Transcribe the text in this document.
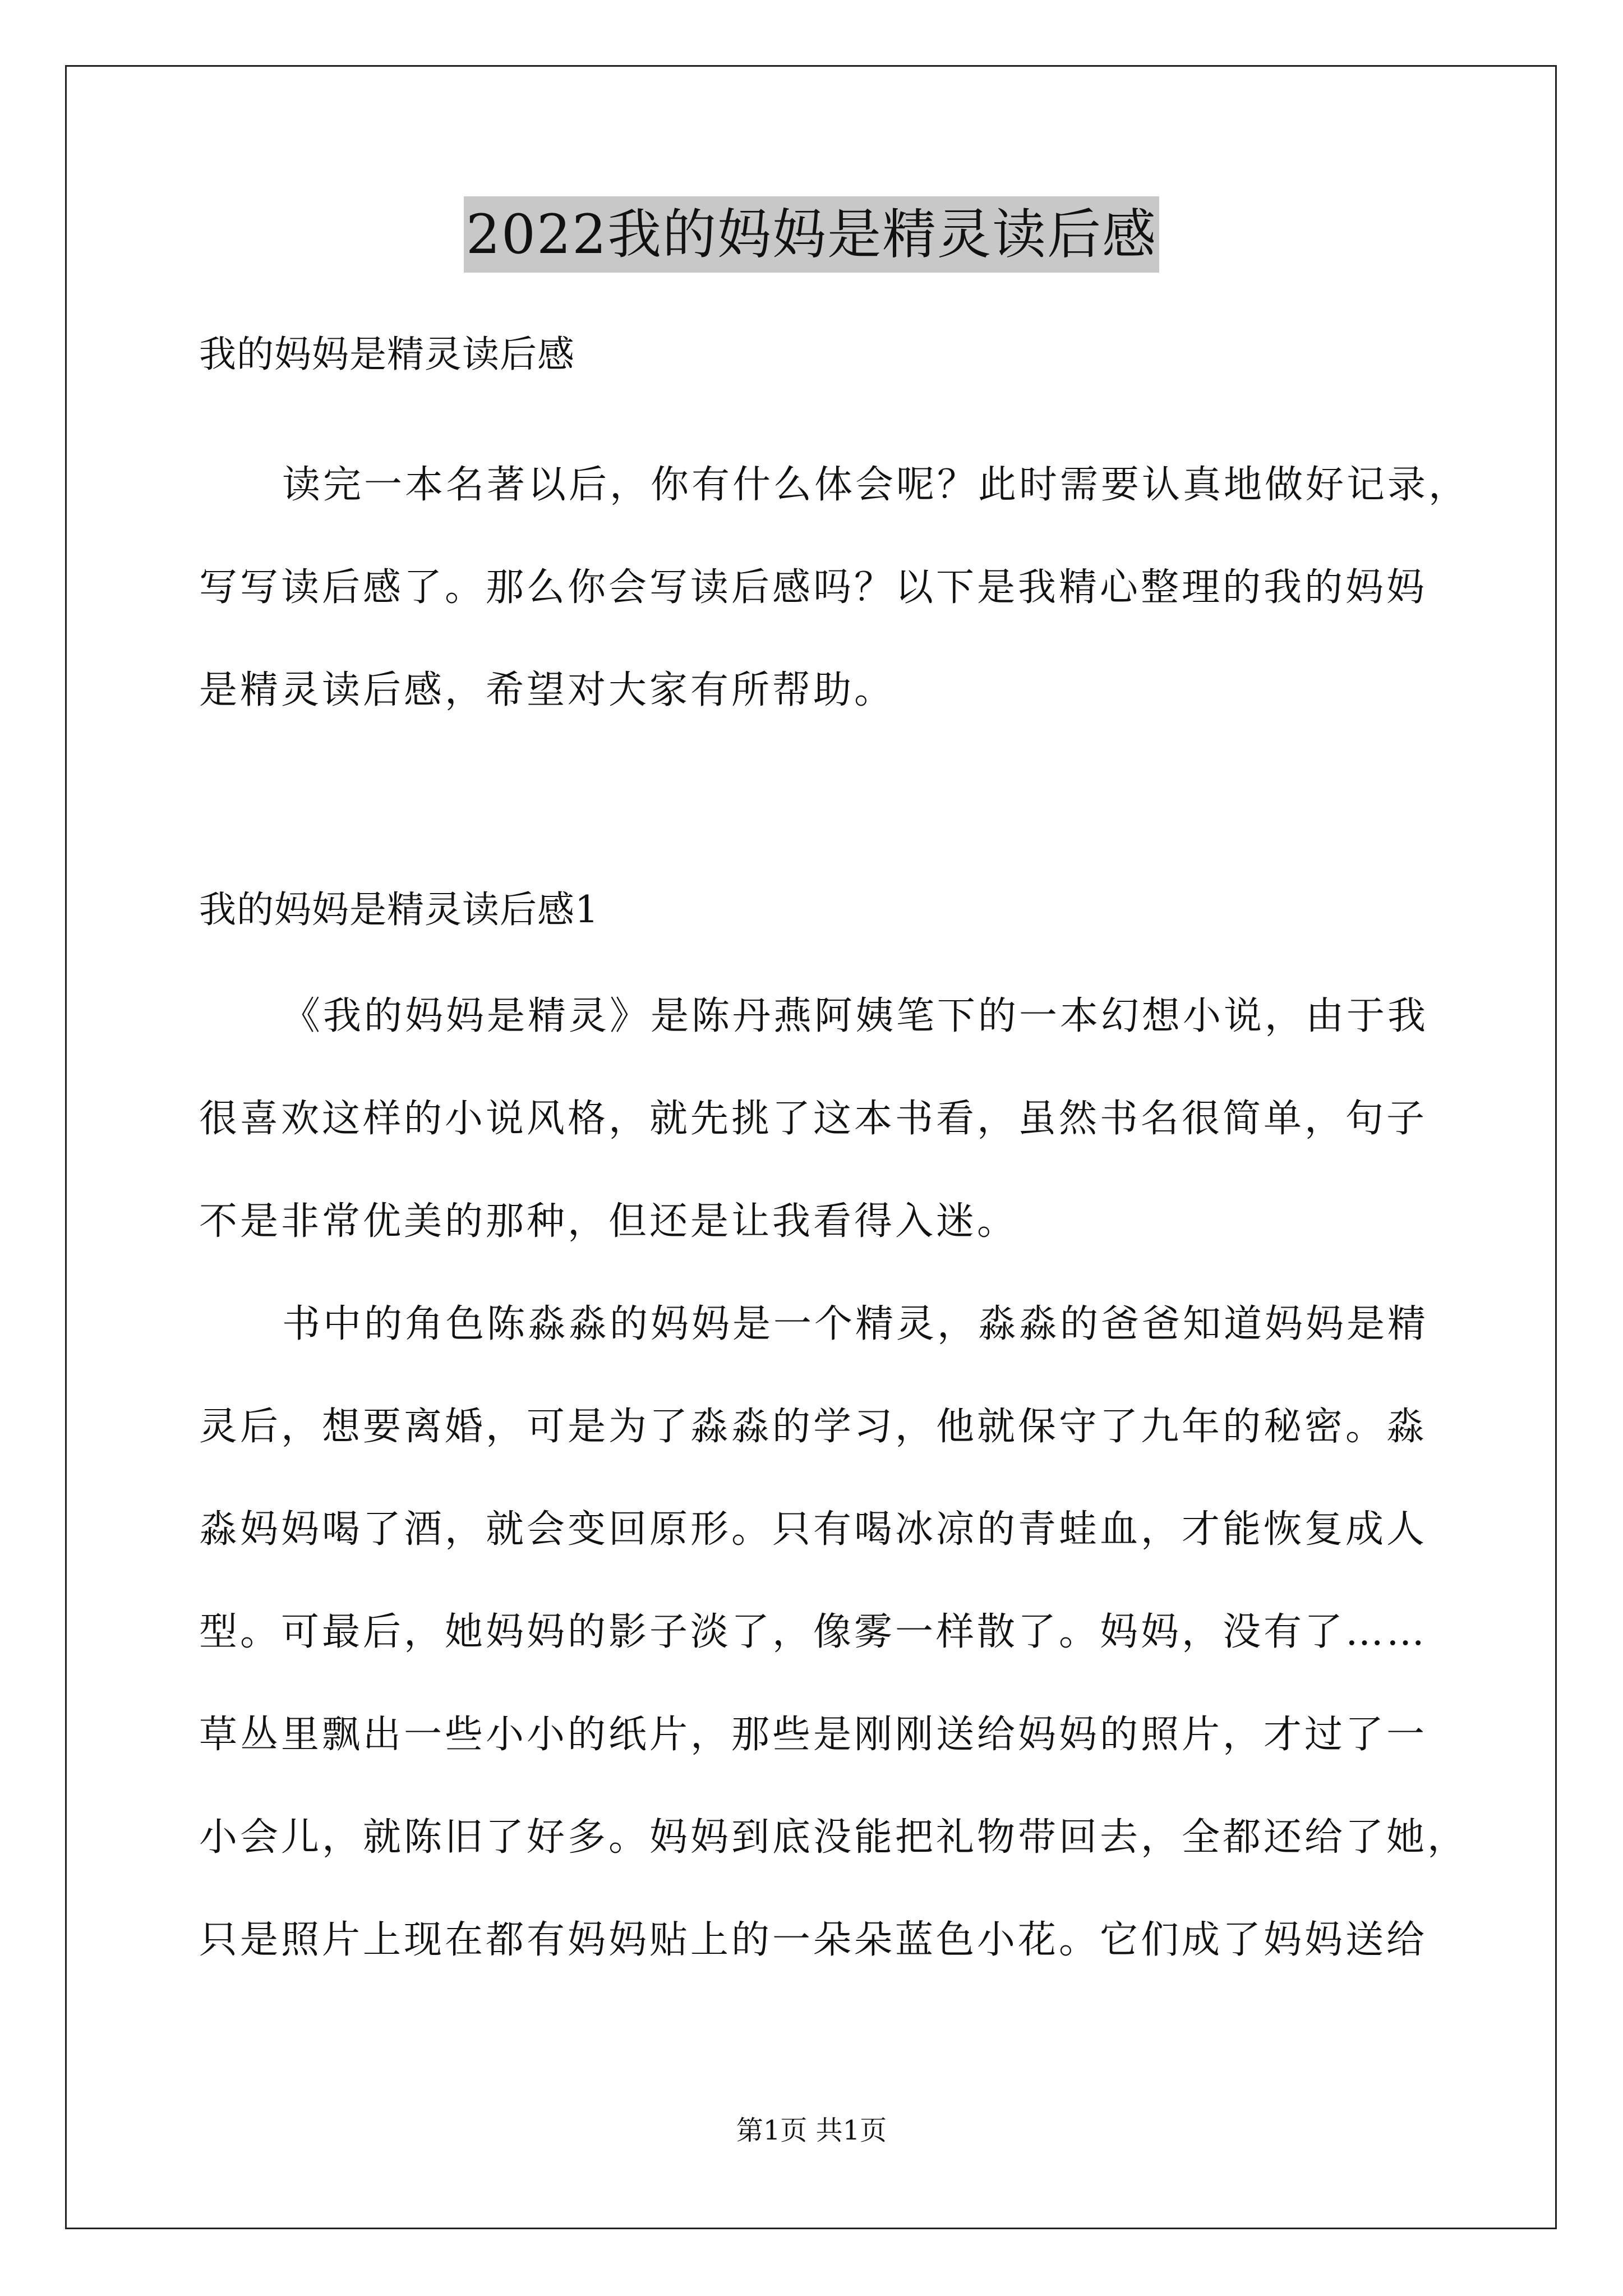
2022我的妈妈是精灵读后感
我的妈妈是精灵读后感
读完一本名著以后，你有什么体会呢？此时需要认真地做好记录，
写写读后感了。那么你会写读后感吗？以下是我精心整理的我的妈妈
是精灵读后感，希望对大家有所帮助。
我的妈妈是精灵读后感1
《我的妈妈是精灵》是陈丹燕阿姨笔下的一本幻想小说，由于我
很喜欢这样的小说风格，就先挑了这本书看，虽然书名很简单，句子
不是非常优美的那种，但还是让我看得入迷。
书中的角色陈淼淼的妈妈是一个精灵，淼淼的爸爸知道妈妈是精
灵后，想要离婚，可是为了淼淼的学习，他就保守了九年的秘密。淼
淼妈妈喝了酒，就会变回原形。只有喝冰凉的青蛙血，才能恢复成人
型。可最后，她妈妈的影子淡了，像雾一样散了。妈妈，没有了……
草丛里飘出一些小小的纸片，那些是刚刚送给妈妈的照片，才过了一
小会儿，就陈旧了好多。妈妈到底没能把礼物带回去，全都还给了她，
只是照片上现在都有妈妈贴上的一朵朵蓝色小花。它们成了妈妈送给
第1页 共1页
